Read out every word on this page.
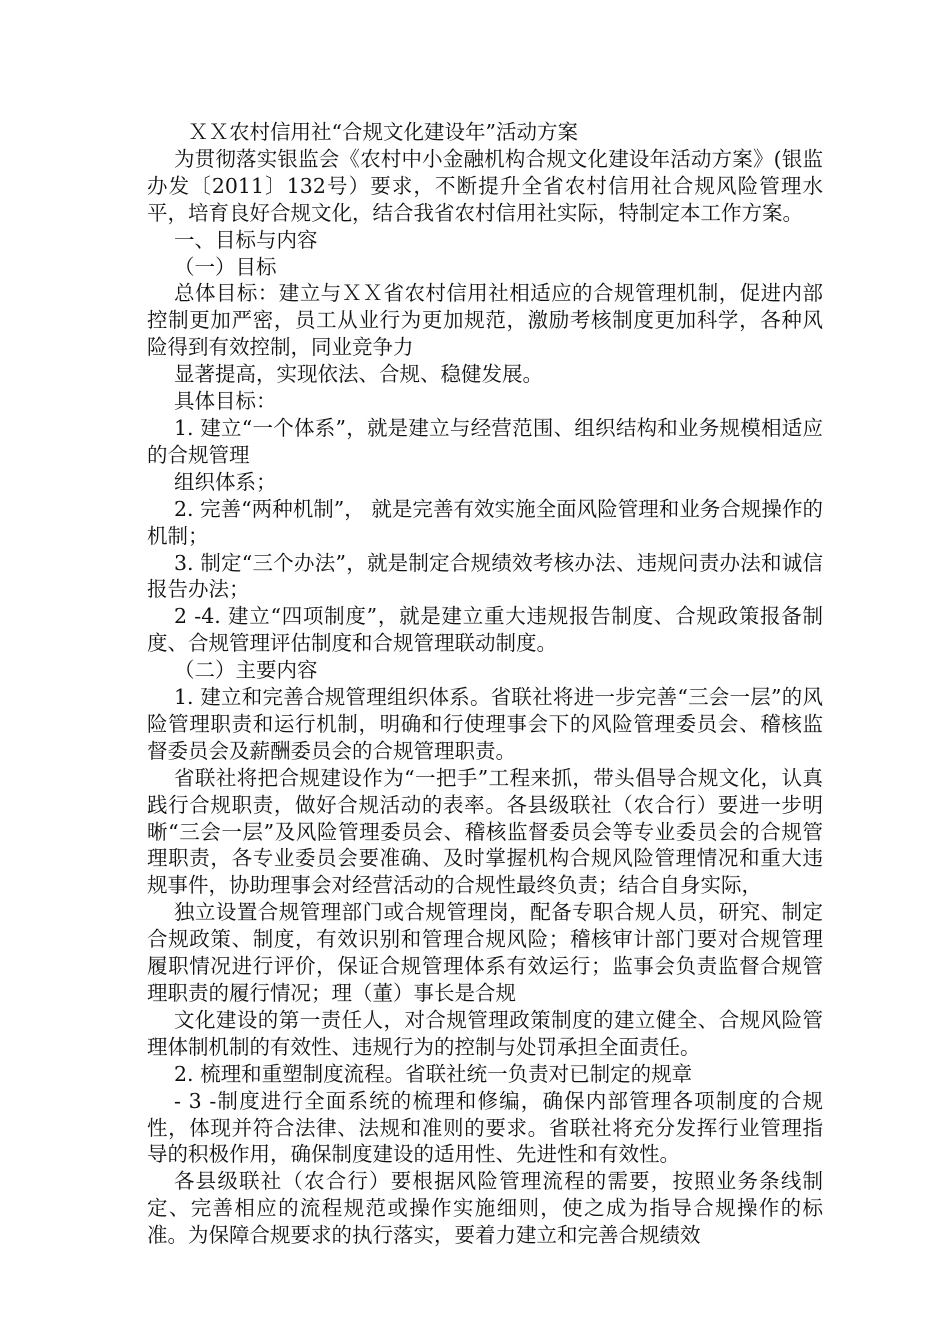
ＸＸ农村信用社“合规文化建设年”活动方案

为贯彻落实银监会《农村中小金融机构合规文化建设年活动方案》(银监办发〔2011〕132号）要求，不断提升全省农村信用社合规风险管理水平，培育良好合规文化，结合我省农村信用社实际，特制定本工作方案。

一、目标与内容

（一）目标

总体目标：建立与ＸＸ省农村信用社相适应的合规管理机制，促进内部控制更加严密，员工从业行为更加规范，激励考核制度更加科学，各种风险得到有效控制，同业竞争力

显著提高，实现依法、合规、稳健发展。

具体目标：

1. 建立“一个体系”，就是建立与经营范围、组织结构和业务规模相适应的合规管理

组织体系；

2. 完善“两种机制”， 就是完善有效实施全面风险管理和业务合规操作的机制；

3. 制定“三个办法”，就是制定合规绩效考核办法、违规问责办法和诚信报告办法；

2 -4. 建立“四项制度”，就是建立重大违规报告制度、合规政策报备制度、合规管理评估制度和合规管理联动制度。

（二）主要内容

1. 建立和完善合规管理组织体系。省联社将进一步完善“三会一层”的风险管理职责和运行机制，明确和行使理事会下的风险管理委员会、稽核监督委员会及薪酬委员会的合规管理职责。

省联社将把合规建设作为“一把手”工程来抓，带头倡导合规文化，认真践行合规职责，做好合规活动的表率。各县级联社（农合行）要进一步明晰“三会一层”及风险管理委员会、稽核监督委员会等专业委员会的合规管理职责，各专业委员会要准确、及时掌握机构合规风险管理情况和重大违规事件，协助理事会对经营活动的合规性最终负责；结合自身实际，

独立设置合规管理部门或合规管理岗，配备专职合规人员，研究、制定合规政策、制度，有效识别和管理合规风险；稽核审计部门要对合规管理履职情况进行评价，保证合规管理体系有效运行；监事会负责监督合规管理职责的履行情况；理（董）事长是合规

文化建设的第一责任人，对合规管理政策制度的建立健全、合规风险管理体制机制的有效性、违规行为的控制与处罚承担全面责任。

2. 梳理和重塑制度流程。省联社统一负责对已制定的规章

- 3 -制度进行全面系统的梳理和修编，确保内部管理各项制度的合规性，体现并符合法律、法规和准则的要求。省联社将充分发挥行业管理指导的积极作用，确保制度建设的适用性、先进性和有效性。

各县级联社（农合行）要根据风险管理流程的需要，按照业务条线制定、完善相应的流程规范或操作实施细则，使之成为指导合规操作的标准。为保障合规要求的执行落实，要着力建立和完善合规绩效
